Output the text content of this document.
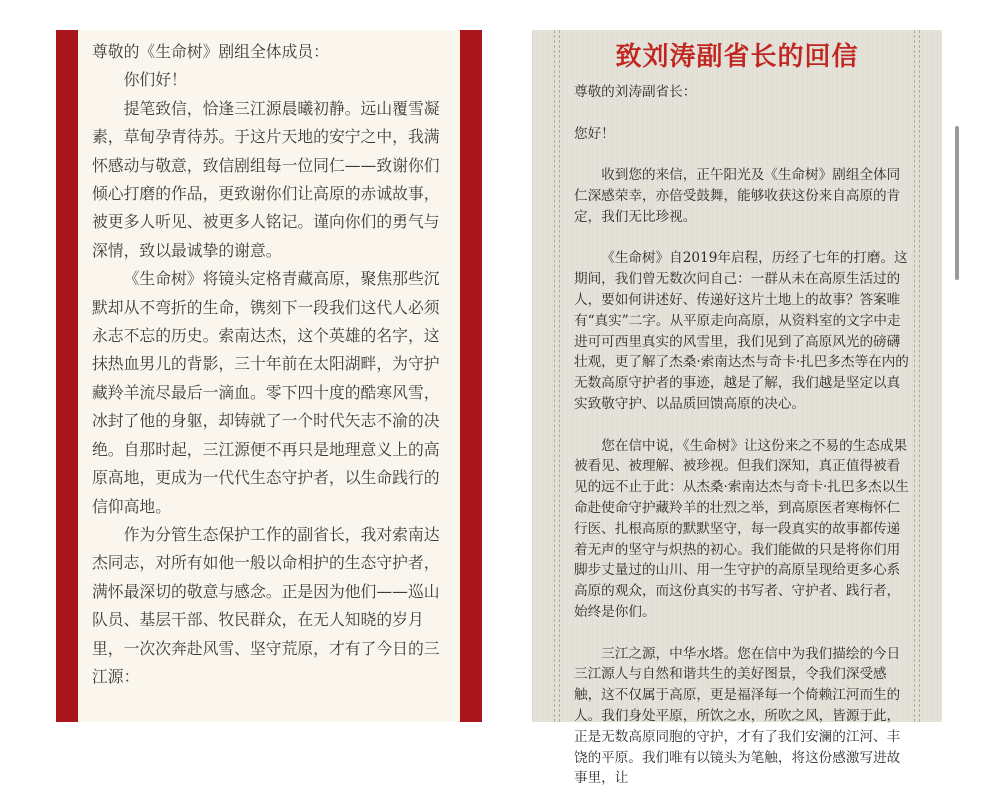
尊敬的《生命树》剧组全体成员：

你们好！

提笔致信，恰逢三江源晨曦初静。远山覆雪凝素，草甸孕青待苏。于这片天地的安宁之中，我满怀感动与敬意，致信剧组每一位同仁——致谢你们倾心打磨的作品，更致谢你们让高原的赤诚故事，被更多人听见、被更多人铭记。谨向你们的勇气与深情，致以最诚挚的谢意。

《生命树》将镜头定格青藏高原，聚焦那些沉默却从不弯折的生命，镌刻下一段我们这代人必须永志不忘的历史。索南达杰，这个英雄的名字，这抹热血男儿的背影，三十年前在太阳湖畔，为守护藏羚羊流尽最后一滴血。零下四十度的酷寒风雪，冰封了他的身躯，却铸就了一个时代矢志不渝的决绝。自那时起，三江源便不再只是地理意义上的高原高地，更成为一代代生态守护者，以生命践行的信仰高地。

作为分管生态保护工作的副省长，我对索南达杰同志，对所有如他一般以命相护的生态守护者，满怀最深切的敬意与感念。正是因为他们——巡山队员、基层干部、牧民群众，在无人知晓的岁月里，一次次奔赴风雪、坚守荒原，才有了今日的三江源：

致刘涛副省长的回信

尊敬的刘涛副省长：

您好！

收到您的来信，正午阳光及《生命树》剧组全体同仁深感荣幸，亦倍受鼓舞，能够收获这份来自高原的肯定，我们无比珍视。

《生命树》自2019年启程，历经了七年的打磨。这期间，我们曾无数次问自己：一群从未在高原生活过的人，要如何讲述好、传递好这片土地上的故事？答案唯有“真实”二字。从平原走向高原，从资料室的文字中走进可可西里真实的风雪里，我们见到了高原风光的磅礴壮观，更了解了杰桑·索南达杰与奇卡·扎巴多杰等在内的无数高原守护者的事迹，越是了解，我们越是坚定以真实致敬守护、以品质回馈高原的决心。

您在信中说，《生命树》让这份来之不易的生态成果被看见、被理解、被珍视。但我们深知，真正值得被看见的远不止于此：从杰桑·索南达杰与奇卡·扎巴多杰以生命赴使命守护藏羚羊的壮烈之举，到高原医者寒梅怀仁行医、扎根高原的默默坚守，每一段真实的故事都传递着无声的坚守与炽热的初心。我们能做的只是将你们用脚步丈量过的山川、用一生守护的高原呈现给更多心系高原的观众，而这份真实的书写者、守护者、践行者，始终是你们。

三江之源，中华水塔。您在信中为我们描绘的今日三江源人与自然和谐共生的美好图景，令我们深受感触，这不仅属于高原，更是福泽每一个倚赖江河而生的人。我们身处平原，所饮之水，所吹之风，皆源于此，正是无数高原同胞的守护，才有了我们安澜的江河、丰饶的平原。我们唯有以镜头为笔触，将这份感激写进故事里，让
